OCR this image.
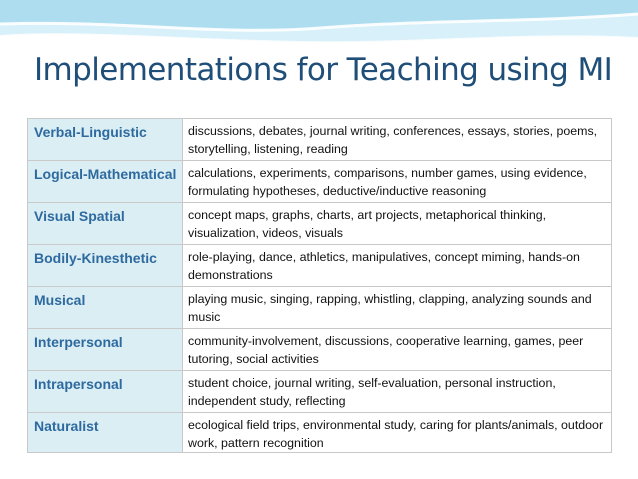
Implementations for Teaching using MI
Verbal-Linguistic	discussions, debates, journal writing, conferences, essays, stories, poems, storytelling, listening, reading
Logical-Mathematical	calculations, experiments, comparisons, number games, using evidence, formulating hypotheses, deductive/inductive reasoning
Visual Spatial	concept maps, graphs, charts, art projects, metaphorical thinking, visualization, videos, visuals
Bodily-Kinesthetic	role-playing, dance, athletics, manipulatives, concept miming, hands-on demonstrations
Musical	playing music, singing, rapping, whistling, clapping, analyzing sounds and music
Interpersonal	community-involvement, discussions, cooperative learning, games, peer tutoring, social activities
Intrapersonal	student choice, journal writing, self-evaluation, personal instruction, independent study, reflecting
Naturalist	ecological field trips, environmental study, caring for plants/animals, outdoor work, pattern recognition
